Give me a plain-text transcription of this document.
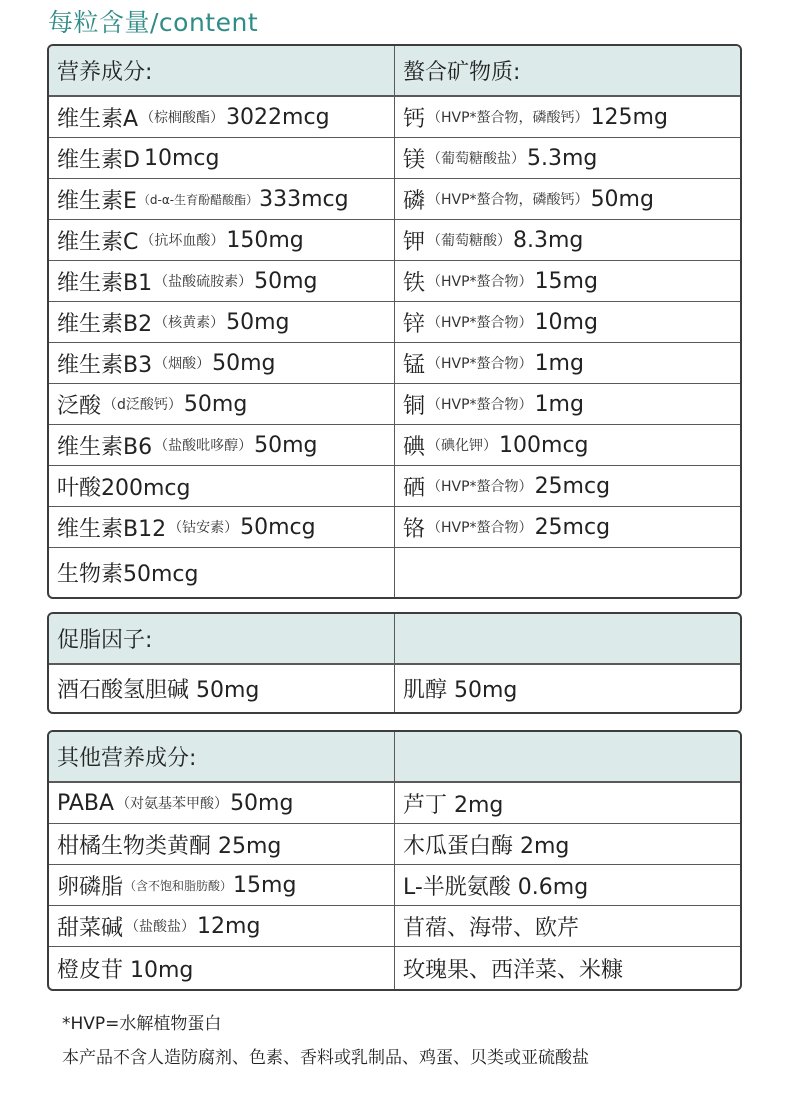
每粒含量/content
营养成分:	螯合矿物质:
维生素A （棕榈酸酯） 3022mcg	钙 （HVP*螯合物，磷酸钙） 125mg
维生素D 10mcg	镁 （葡萄糖酸盐） 5.3mg
维生素E （d-α-生育酚醋酸酯） 333mcg 磷 （HVP*螯合物，磷酸钙） 50mg
维生素C （抗坏血酸） 150mg	钾 （葡萄糖酸） 8.3mg
维生素B1 （盐酸硫胺素） 50mg	铁 （HVP*螯合物） 15mg
维生素B2 （核黄素） 50mg	锌 （HVP*螯合物） 10mg
维生素B3 （烟酸） 50mg	锰 （HVP*螯合物） 1mg
泛酸 （d泛酸钙） 50mg	铜 （HVP*螯合物） 1mg
维生素B6 （盐酸吡哆醇） 50mg	碘 （碘化钾） 100mcg
叶酸200mcg	硒 （HVP*螯合物） 25mcg
维生素B12 （钴安素） 50mcg	铬 （HVP*螯合物） 25mcg
生物素50mcg
促脂因子:
酒石酸氢胆碱 50mg	肌醇 50mg
其他营养成分:
PABA （对氨基苯甲酸） 50mg	芦丁 2mg
柑橘生物类黄酮 25mg	木瓜蛋白酶 2mg
卵磷脂 （含不饱和脂肪酸） 15mg	L-半胱氨酸 0.6mg
甜菜碱 （盐酸盐） 12mg	苜蓿、海带、欧芹
橙皮苷 10mg	玫瑰果、西洋菜、米糠
*HVP=水解植物蛋白
本产品不含人造防腐剂、色素、香料或乳制品、鸡蛋、贝类或亚硫酸盐
